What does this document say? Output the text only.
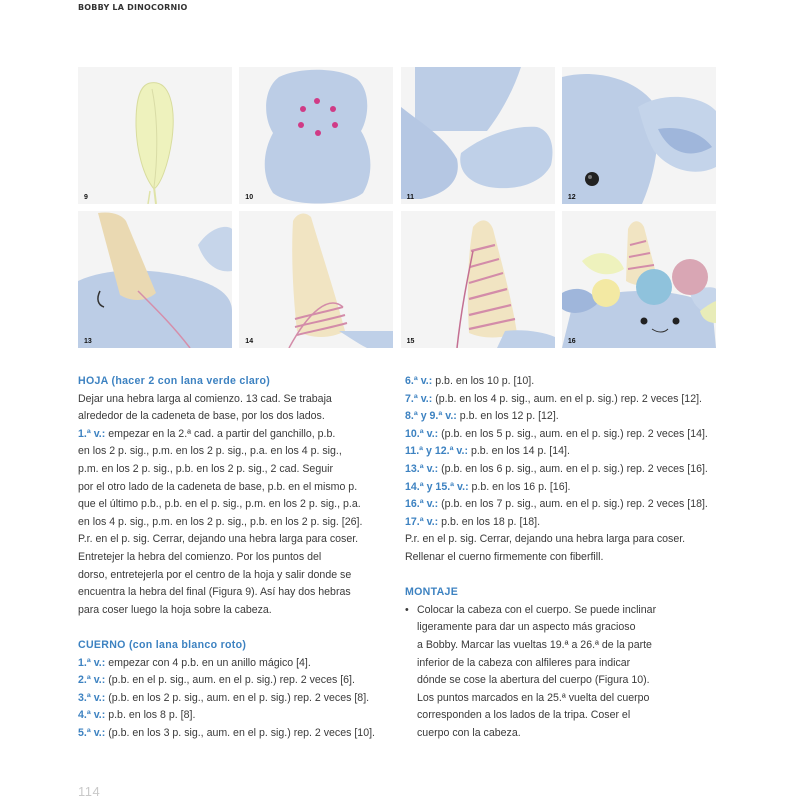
BOBBY LA DINOCORNIO
9	10	11	12
13	14	15	16
HOJA (hacer 2 con lana verde claro)
Dejar una hebra larga al comienzo. 13 cad. Se trabaja
alrededor de la cadeneta de base, por los dos lados.
1.ª v.: empezar en la 2.ª cad. a partir del ganchillo, p.b.
en los 2 p. sig., p.m. en los 2 p. sig., p.a. en los 4 p. sig.,
p.m. en los 2 p. sig., p.b. en los 2 p. sig., 2 cad. Seguir
por el otro lado de la cadeneta de base, p.b. en el mismo p.
que el último p.b., p.b. en el p. sig., p.m. en los 2 p. sig., p.a.
en los 4 p. sig., p.m. en los 2 p. sig., p.b. en los 2 p. sig. [26].
P.r. en el p. sig. Cerrar, dejando una hebra larga para coser.
Entretejer la hebra del comienzo. Por los puntos del
dorso, entretejerla por el centro de la hoja y salir donde se
encuentra la hebra del final (Figura 9). Así hay dos hebras
para coser luego la hoja sobre la cabeza.
CUERNO (con lana blanco roto)
1.ª v.: empezar con 4 p.b. en un anillo mágico [4].
2.ª v.: (p.b. en el p. sig., aum. en el p. sig.) rep. 2 veces [6].
3.ª v.: (p.b. en los 2 p. sig., aum. en el p. sig.) rep. 2 veces [8].
4.ª v.: p.b. en los 8 p. [8].
5.ª v.: (p.b. en los 3 p. sig., aum. en el p. sig.) rep. 2 veces [10].
6.ª v.: p.b. en los 10 p. [10].
7.ª v.: (p.b. en los 4 p. sig., aum. en el p. sig.) rep. 2 veces [12].
8.ª y 9.ª v.: p.b. en los 12 p. [12].
10.ª v.: (p.b. en los 5 p. sig., aum. en el p. sig.) rep. 2 veces [14].
11.ª y 12.ª v.: p.b. en los 14 p. [14].
13.ª v.: (p.b. en los 6 p. sig., aum. en el p. sig.) rep. 2 veces [16].
14.ª y 15.ª v.: p.b. en los 16 p. [16].
16.ª v.: (p.b. en los 7 p. sig., aum. en el p. sig.) rep. 2 veces [18].
17.ª v.: p.b. en los 18 p. [18].
P.r. en el p. sig. Cerrar, dejando una hebra larga para coser.
Rellenar el cuerno firmemente con fiberfill.
MONTAJE
• Colocar la cabeza con el cuerpo. Se puede inclinar
ligeramente para dar un aspecto más gracioso
a Bobby. Marcar las vueltas 19.ª a 26.ª de la parte
inferior de la cabeza con alfileres para indicar
dónde se cose la abertura del cuerpo (Figura 10).
Los puntos marcados en la 25.ª vuelta del cuerpo
corresponden a los lados de la tripa. Coser el
cuerpo con la cabeza.
114
